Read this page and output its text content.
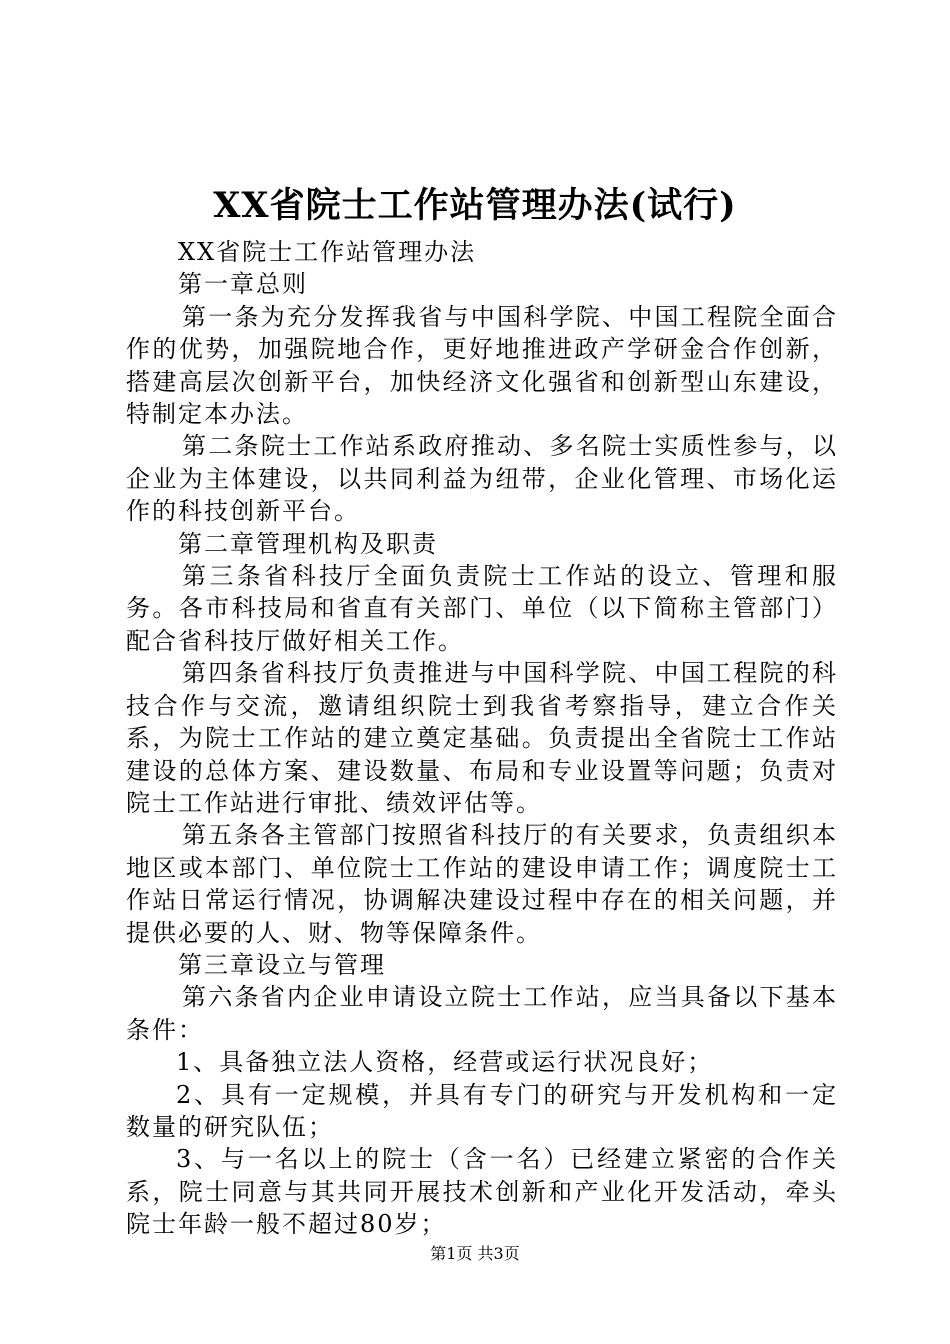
XX省院士工作站管理办法(试行)

XX省院士工作站管理办法

第一章总则

第一条为充分发挥我省与中国科学院、中国工程院全面合作的优势，加强院地合作，更好地推进政产学研金合作创新，搭建高层次创新平台，加快经济文化强省和创新型山东建设，特制定本办法。

第二条院士工作站系政府推动、多名院士实质性参与，以企业为主体建设，以共同利益为纽带，企业化管理、市场化运作的科技创新平台。

第二章管理机构及职责

第三条省科技厅全面负责院士工作站的设立、管理和服务。各市科技局和省直有关部门、单位（以下简称主管部门）配合省科技厅做好相关工作。

第四条省科技厅负责推进与中国科学院、中国工程院的科技合作与交流，邀请组织院士到我省考察指导，建立合作关系，为院士工作站的建立奠定基础。负责提出全省院士工作站建设的总体方案、建设数量、布局和专业设置等问题；负责对院士工作站进行审批、绩效评估等。

第五条各主管部门按照省科技厅的有关要求，负责组织本地区或本部门、单位院士工作站的建设申请工作；调度院士工作站日常运行情况，协调解决建设过程中存在的相关问题，并提供必要的人、财、物等保障条件。

第三章设立与管理

第六条省内企业申请设立院士工作站，应当具备以下基本条件：

1、具备独立法人资格，经营或运行状况良好；

2、具有一定规模，并具有专门的研究与开发机构和一定数量的研究队伍；

3、与一名以上的院士（含一名）已经建立紧密的合作关系，院士同意与其共同开展技术创新和产业化开发活动，牵头院士年龄一般不超过80岁；

第1页 共3页
